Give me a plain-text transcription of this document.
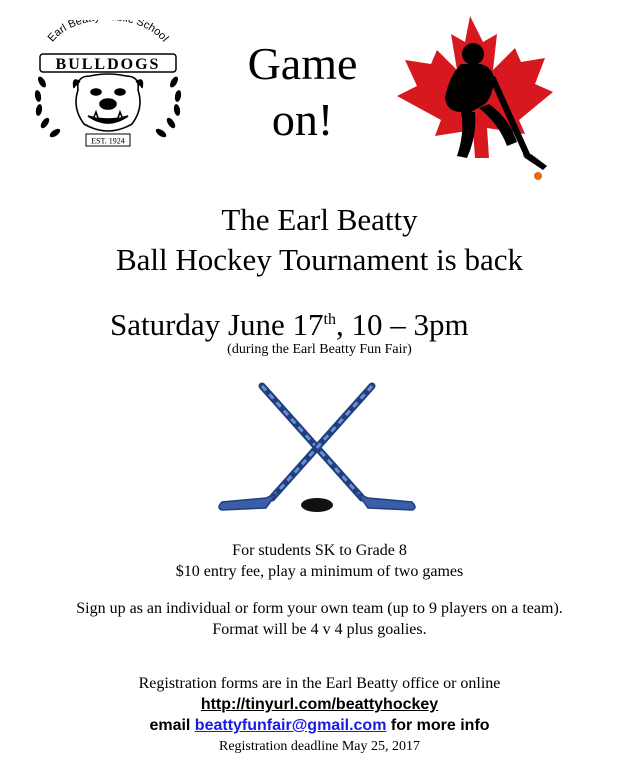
Earl Be School
BULLDOGS
EST. 1924
Game
on!
®
The Earl Beatty
Ball Hockey Tournament is back
Saturday June 17th, 10 – 3pm
(during the Earl Beatty Fun Fair)
For students SK to Grade 8
$10 entry fee, play a minimum of two games
Sign up as an individual or form your own team (up to 9 players on a team).
Format will be 4 v 4 plus goalies.
Registration forms are in the Earl Beatty office or online
http://tinyurl.com/beattyhockey
email beattyfunfair@gmail.com for more info
Registration deadline May 25, 2017
